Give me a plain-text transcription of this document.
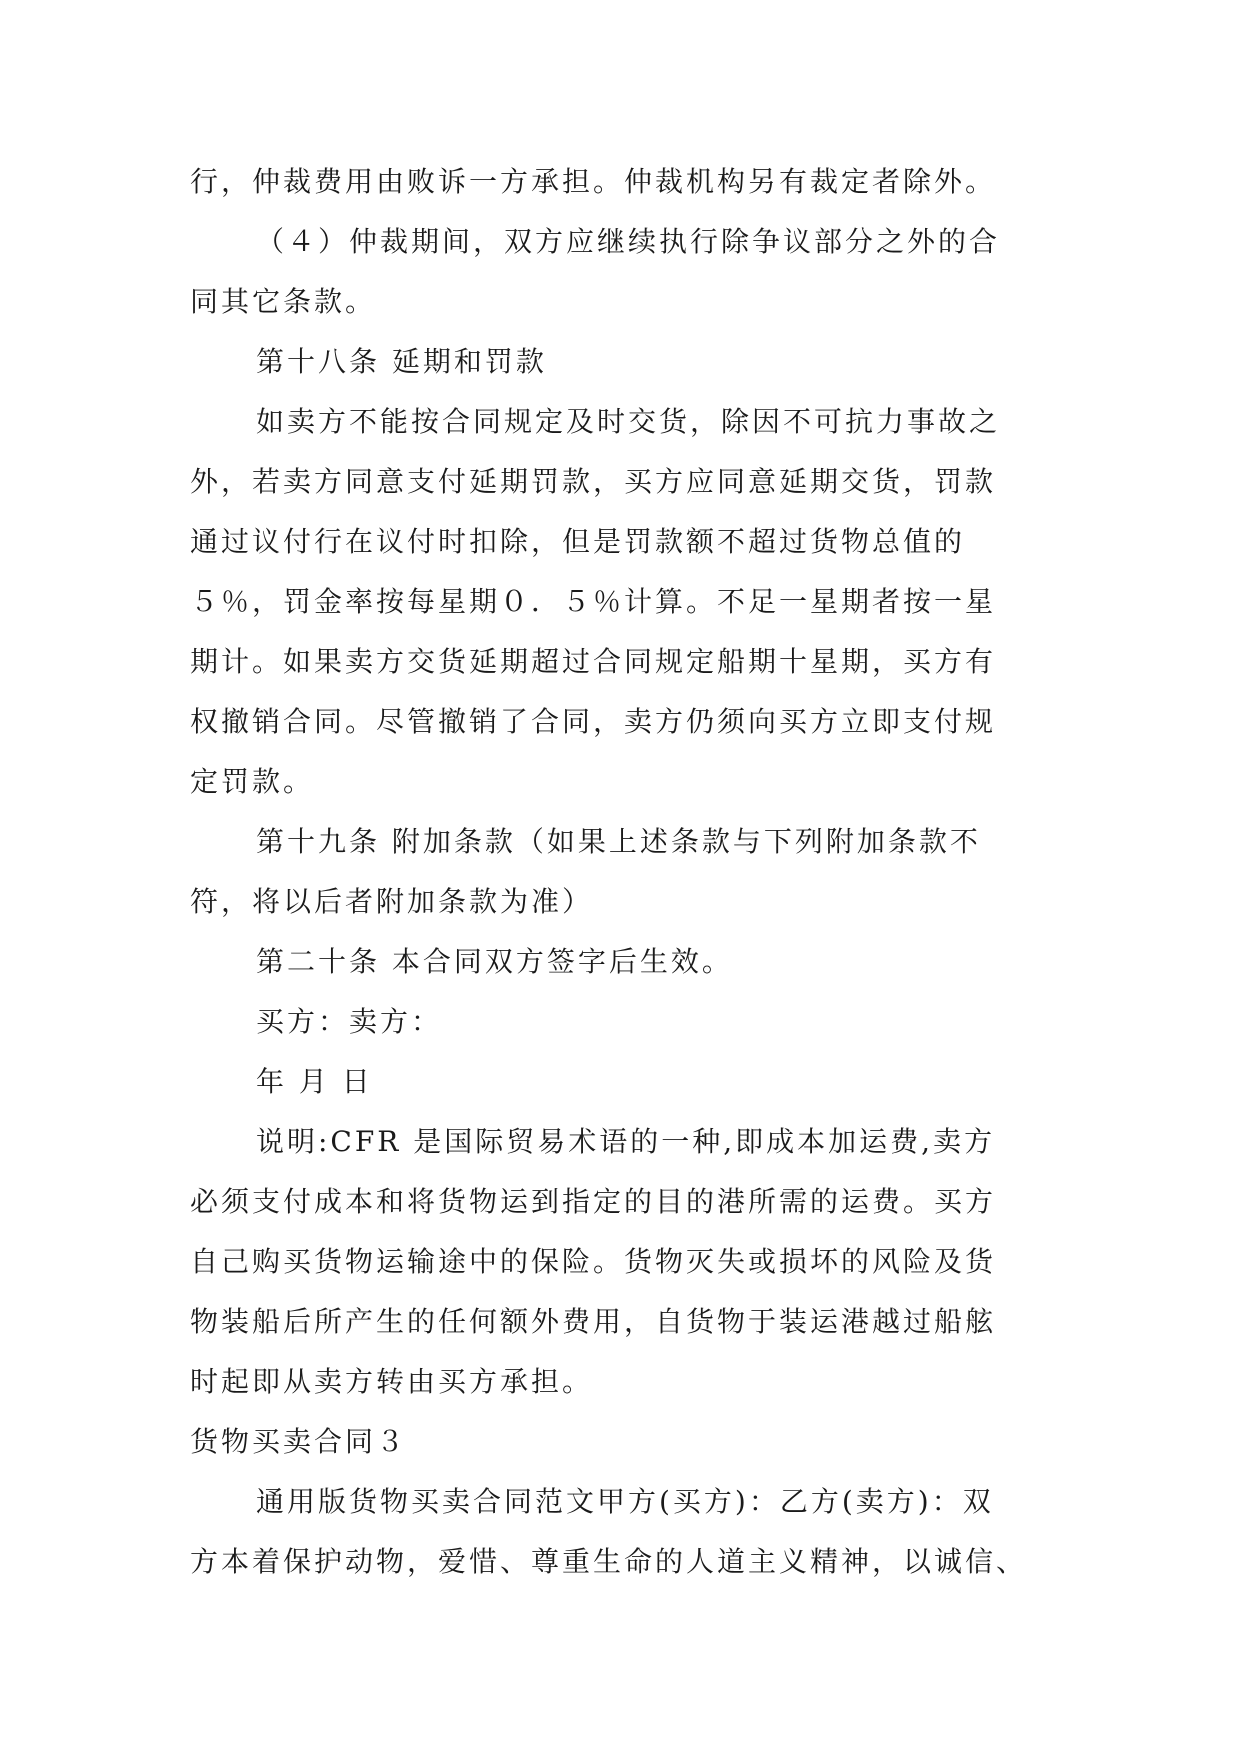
行，仲裁费用由败诉一方承担。仲裁机构另有裁定者除外。
（４）仲裁期间，双方应继续执行除争议部分之外的合
同其它条款。
第十八条 延期和罚款
如卖方不能按合同规定及时交货，除因不可抗力事故之
外，若卖方同意支付延期罚款，买方应同意延期交货，罚款
通过议付行在议付时扣除，但是罚款额不超过货物总值的
５％，罚金率按每星期０．５％计算。不足一星期者按一星
期计。如果卖方交货延期超过合同规定船期十星期，买方有
权撤销合同。尽管撤销了合同，卖方仍须向买方立即支付规
定罚款。
第十九条 附加条款（如果上述条款与下列附加条款不
符，将以后者附加条款为准）
第二十条 本合同双方签字后生效。
买方：卖方：
年 月 日
说明:CFR 是国际贸易术语的一种,即成本加运费,卖方
必须支付成本和将货物运到指定的目的港所需的运费。买方
自己购买货物运输途中的保险。货物灭失或损坏的风险及货
物装船后所产生的任何额外费用，自货物于装运港越过船舷
时起即从卖方转由买方承担。
货物买卖合同３
通用版货物买卖合同范文甲方(买方)：乙方(卖方)：双
方本着保护动物，爱惜、尊重生命的人道主义精神，以诚信、
